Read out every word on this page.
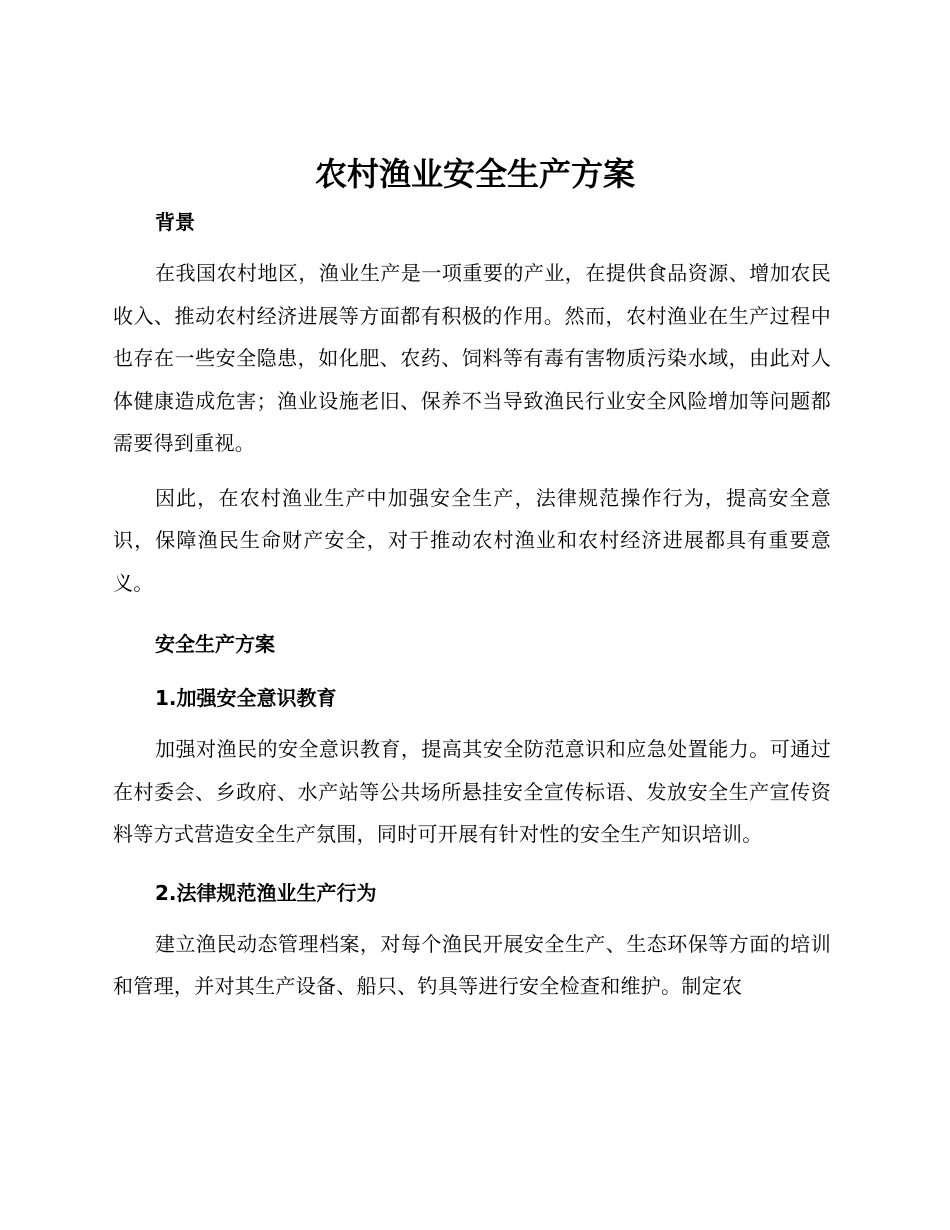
农村渔业安全生产方案
背景

在我国农村地区，渔业生产是一项重要的产业，在提供食品资源、增加农民收入、推动农村经济进展等方面都有积极的作用。然而，农村渔业在生产过程中也存在一些安全隐患，如化肥、农药、饲料等有毒有害物质污染水域，由此对人体健康造成危害；渔业设施老旧、保养不当导致渔民行业安全风险增加等问题都需要得到重视。

因此，在农村渔业生产中加强安全生产，法律规范操作行为，提高安全意识，保障渔民生命财产安全，对于推动农村渔业和农村经济进展都具有重要意义。

安全生产方案
1.加强安全意识教育

加强对渔民的安全意识教育，提高其安全防范意识和应急处置能力。可通过在村委会、乡政府、水产站等公共场所悬挂安全宣传标语、发放安全生产宣传资料等方式营造安全生产氛围，同时可开展有针对性的安全生产知识培训。

2.法律规范渔业生产行为

建立渔民动态管理档案，对每个渔民开展安全生产、生态环保等方面的培训和管理，并对其生产设备、船只、钓具等进行安全检查和维护。制定农
